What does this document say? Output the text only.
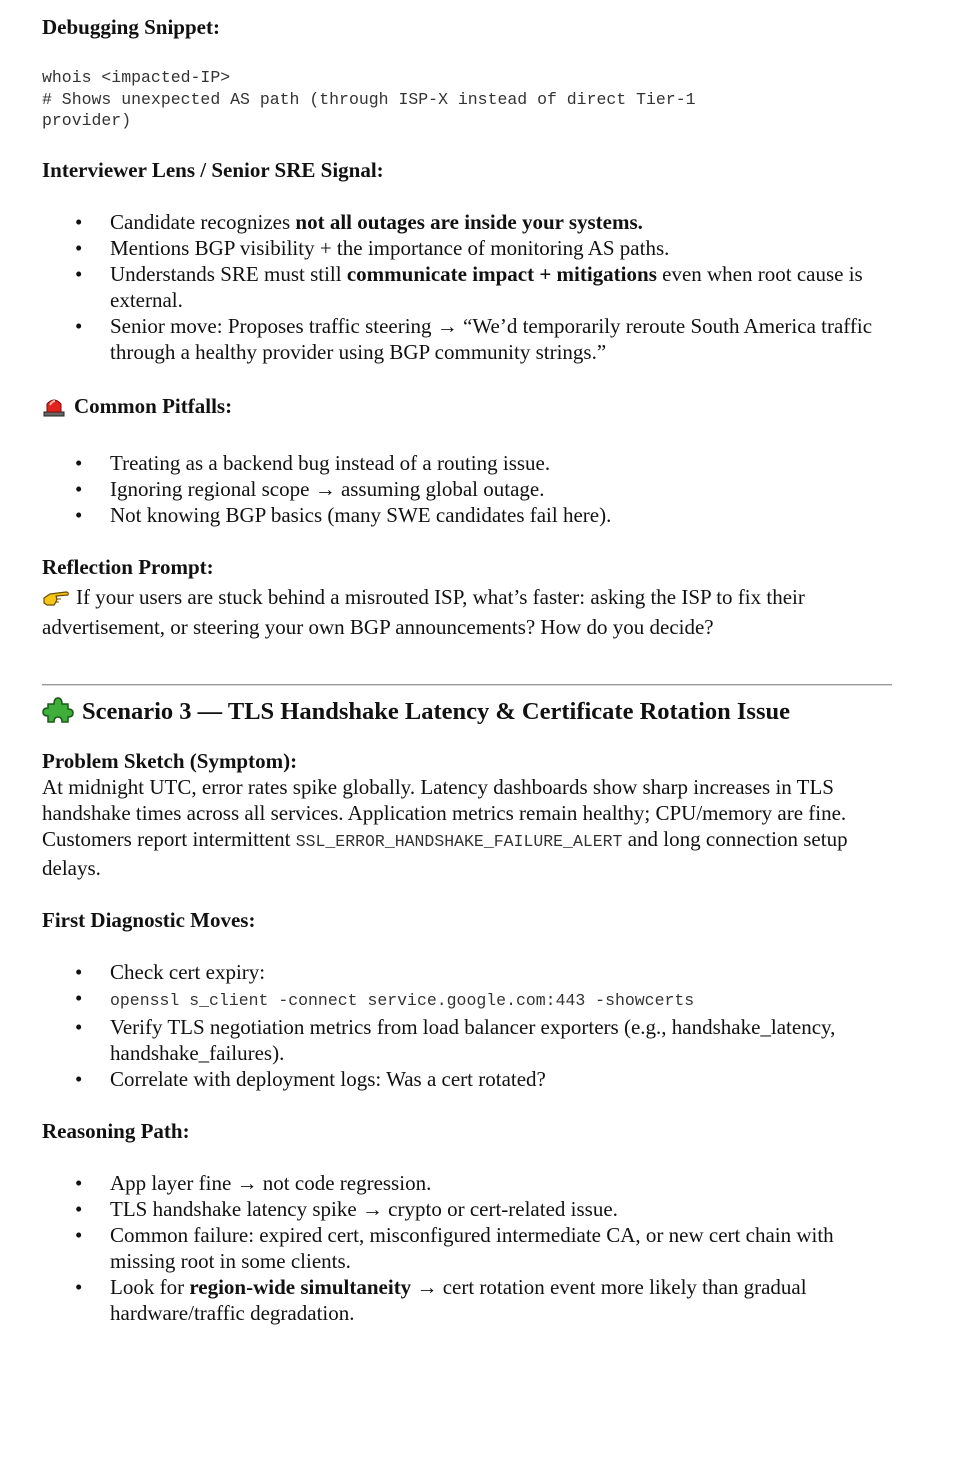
Debugging Snippet:

whois <impacted-IP>
# Shows unexpected AS path (through ISP-X instead of direct Tier-1
provider)

Interviewer Lens / Senior SRE Signal:

• Candidate recognizes not all outages are inside your systems.
• Mentions BGP visibility + the importance of monitoring AS paths.
• Understands SRE must still communicate impact + mitigations even when root cause is external.
• Senior move: Proposes traffic steering → “We’d temporarily reroute South America traffic through a healthy provider using BGP community strings.”

Common Pitfalls:

• Treating as a backend bug instead of a routing issue.
• Ignoring regional scope → assuming global outage.
• Not knowing BGP basics (many SWE candidates fail here).

Reflection Prompt:

If your users are stuck behind a misrouted ISP, what’s faster: asking the ISP to fix their advertisement, or steering your own BGP announcements? How do you decide?

Scenario 3 — TLS Handshake Latency & Certificate Rotation Issue

Problem Sketch (Symptom):

At midnight UTC, error rates spike globally. Latency dashboards show sharp increases in TLS handshake times across all services. Application metrics remain healthy; CPU/memory are fine. Customers report intermittent SSL_ERROR_HANDSHAKE_FAILURE_ALERT and long connection setup delays.

First Diagnostic Moves:

• Check cert expiry:
• openssl s_client -connect service.google.com:443 -showcerts
• Verify TLS negotiation metrics from load balancer exporters (e.g., handshake_latency, handshake_failures).
• Correlate with deployment logs: Was a cert rotated?

Reasoning Path:

• App layer fine → not code regression.
• TLS handshake latency spike → crypto or cert-related issue.
• Common failure: expired cert, misconfigured intermediate CA, or new cert chain with missing root in some clients.
• Look for region-wide simultaneity → cert rotation event more likely than gradual hardware/traffic degradation.
